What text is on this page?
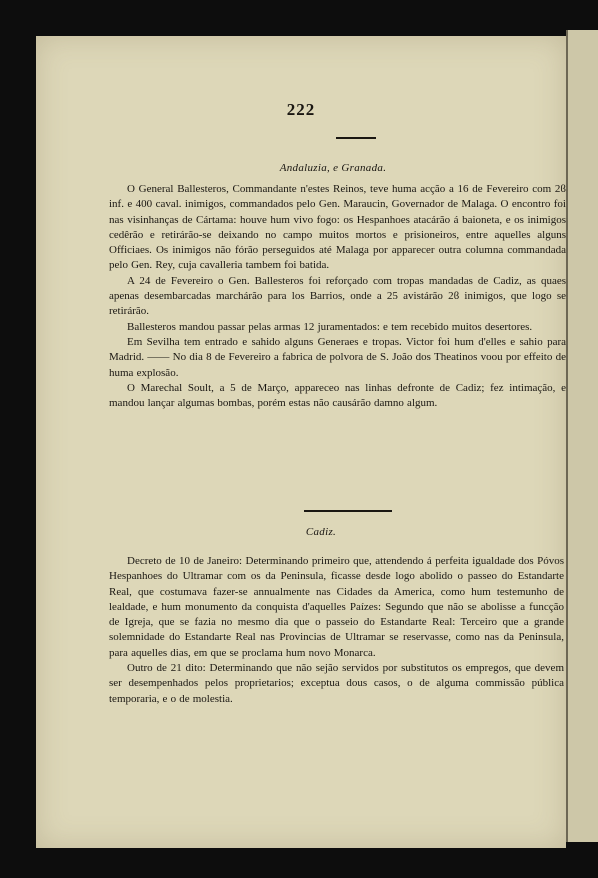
222
Andaluzia, e Granada.

O General Ballesteros, Commandante n'estes Reinos, teve huma acção a 16 de Fevereiro com 2ϐ inf. e 400 caval. inimigos, commandados pelo Gen. Maraucin, Governador de Malaga. O encontro foi nas visinhanças de Cártama: houve hum vivo fogo: os Hespanhoes atacárão á baioneta, e os inimigos cedêrão e retirárão-se deixando no campo muitos mortos e prisioneiros, entre aquelles alguns Officiaes. Os inimigos não fórão perseguidos até Malaga por apparecer outra columna commandada pelo Gen. Rey, cuja cavalleria tambem foi batida.

A 24 de Fevereiro o Gen. Ballesteros foi reforçado com tropas mandadas de Cadiz, as quaes apenas desembarcadas marchárão para los Barrios, onde a 25 avistárão 2ϐ inimigos, que logo se retirárão.

Ballesteros mandou passar pelas armas 12 juramentados: e tem recebido muitos desertores.

Em Sevilha tem entrado e sahido alguns Generaes e tropas. Victor foi hum d'elles e sahio para Madrid. —— No dia 8 de Fevereiro a fabrica de polvora de S. João dos Theatinos voou por effeito de huma explosão.

O Marechal Soult, a 5 de Março, appareceo nas linhas defronte de Cadiz; fez intimação, e mandou lançar algumas bombas, porém estas não causárão damno algum.

Cadiz.

Decreto de 10 de Janeiro: Determinando primeiro que, attendendo á perfeita igualdade dos Póvos Hespanhoes do Ultramar com os da Peninsula, ficasse desde logo abolido o passeo do Estandarte Real, que costumava fazer-se annualmente nas Cidades da America, como hum testemunho de lealdade, e hum monumento da conquista d'aquelles Paízes: Segundo que não se abolisse a funcção de Igreja, que se fazia no mesmo dia que o passeio do Estandarte Real: Terceiro que a grande solemnidade do Estandarte Real nas Provincias de Ultramar se reservasse, como nas da Peninsula, para aquelles dias, em que se proclama hum novo Monarca.

Outro de 21 dito: Determinando que não sejão servidos por substitutos os empregos, que devem ser desempenhados pelos proprietarios; exceptua dous casos, o de alguma commissão pública temporaria, e o de molestia.
